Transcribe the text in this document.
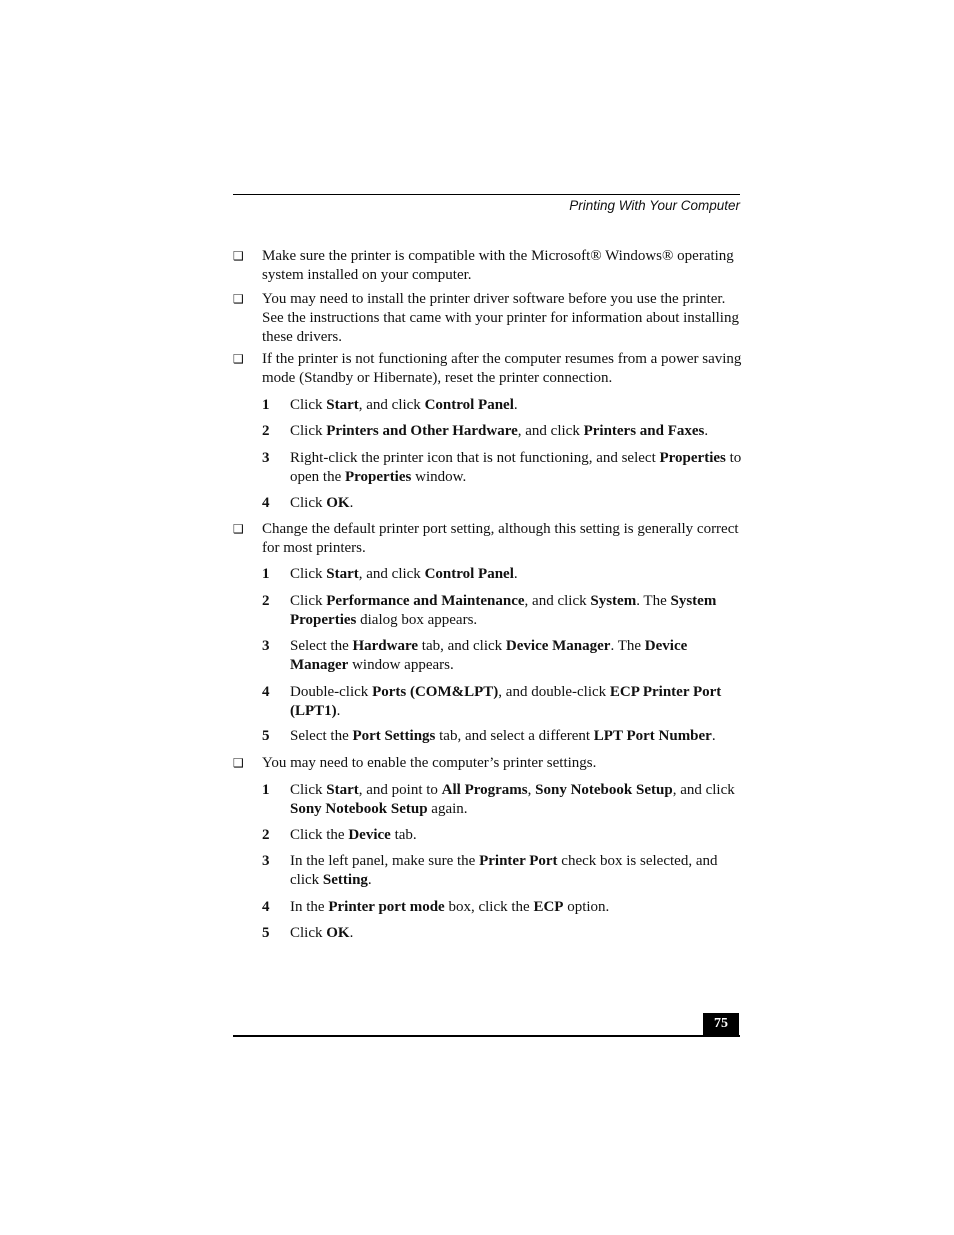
Printing With Your Computer
❑ Make sure the printer is compatible with the Microsoft® Windows® operating system installed on your computer.
❑ You may need to install the printer driver software before you use the printer. See the instructions that came with your printer for information about installing these drivers.
❑ If the printer is not functioning after the computer resumes from a power saving mode (Standby or Hibernate), reset the printer connection.
1 Click Start, and click Control Panel.
2 Click Printers and Other Hardware, and click Printers and Faxes.
3 Right-click the printer icon that is not functioning, and select Properties to open the Properties window.
4 Click OK.
❑ Change the default printer port setting, although this setting is generally correct for most printers.
1 Click Start, and click Control Panel.
2 Click Performance and Maintenance, and click System. The System Properties dialog box appears.
3 Select the Hardware tab, and click Device Manager. The Device Manager window appears.
4 Double-click Ports (COM&LPT), and double-click ECP Printer Port (LPT1).
5 Select the Port Settings tab, and select a different LPT Port Number.
❑ You may need to enable the computer’s printer settings.
1 Click Start, and point to All Programs, Sony Notebook Setup, and click Sony Notebook Setup again.
2 Click the Device tab.
3 In the left panel, make sure the Printer Port check box is selected, and click Setting.
4 In the Printer port mode box, click the ECP option.
5 Click OK.
75
